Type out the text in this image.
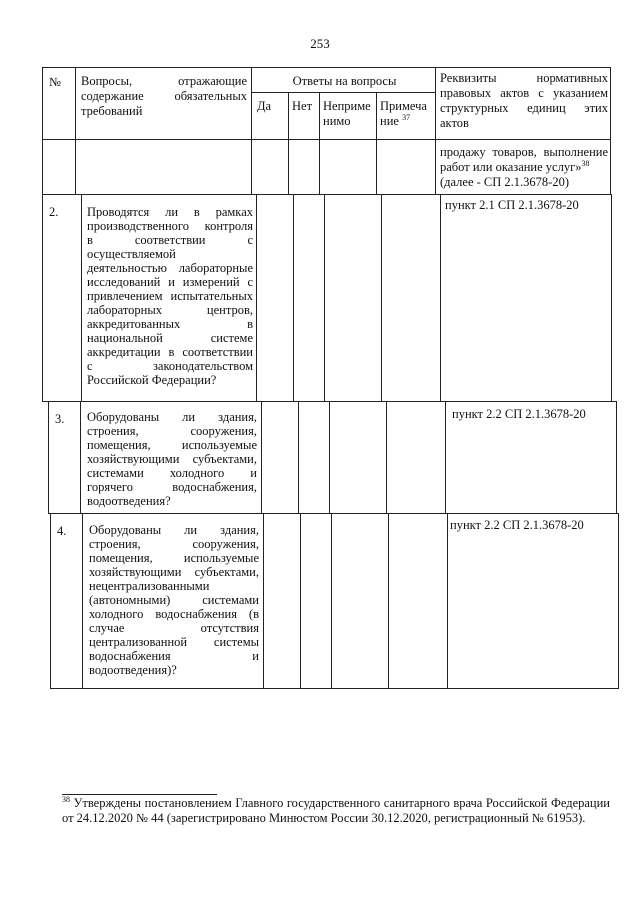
253
№ Вопросы, отражающие
содержание обязательных
требований
Ответы на вопросы
Да Нет Неприме
нимо
Примеча
ние $^{37}$
Реквизиты нормативных
правовых актов с указанием
структурных единиц этих
актов
продажу товаров, выполнение
работ или оказание услуг»$^{38}$
(далее - СП 2.1.3678-20)
2. Проводятся ли в рамках
производственного контроля
в соответствии с
осуществляемой
деятельностью лабораторные
исследований и измерений с
привлечением испытательных
лабораторных центров,
аккредитованных в
национальной системе
аккредитации в соответствии
с законодательством
Российской Федерации?
пункт 2.1 СП 2.1.3678-20
3. Оборудованы ли здания,
строения, сооружения,
помещения, используемые
хозяйствующими субъектами,
системами холодного и
горячего водоснабжения,
водоотведения?
пункт 2.2 СП 2.1.3678-20
4. Оборудованы ли здания,
строения, сооружения,
помещения, используемые
хозяйствующими субъектами,
нецентрализованными
(автономными) системами
холодного водоснабжения (в
случае отсутствия
централизованной системы
водоснабжения и
водоотведения)?
пункт 2.2 СП 2.1.3678-20
$^{38}$ Утверждены постановлением Главного государственного санитарного врача Российской Федерации от 24.12.2020 № 44 (зарегистрировано Минюстом России 30.12.2020, регистрационный № 61953).
